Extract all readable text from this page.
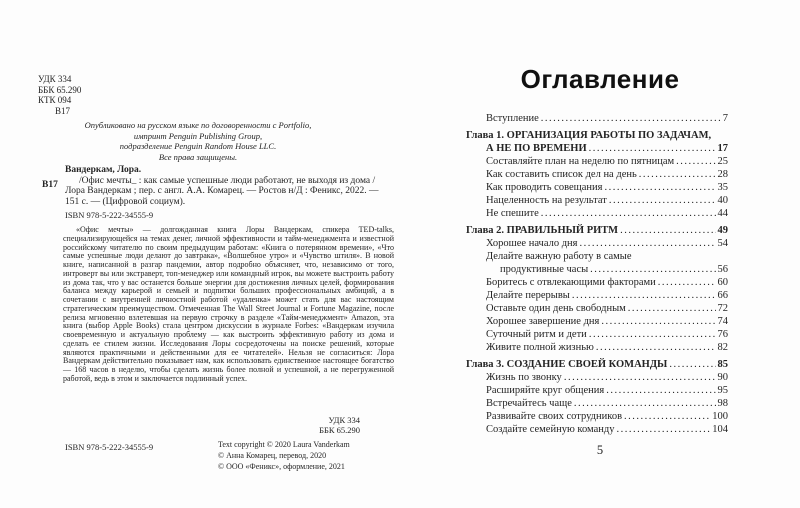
УДК 334
ББК 65.290
КТК 094
В17
Опубликовано на русском языке по договоренности с Portfolio,
импринт Penguin Publishing Group,
подразделение Penguin Random House LLC.
Все права защищены.
В17
Вандеркам, Лора.
/Офис мечты_ : как самые успешные люди работают, не выходя из дома / Лора Вандеркам ; пер. с англ. А.А. Комарец. — Ростов н/Д : Феникс, 2022. — 151 с. — (Цифровой социум).
ISBN 978-5-222-34555-9
«Офис мечты» — долгожданная книга Лоры Вандеркам, спикера TED-talks, специализирующейся на темах денег, личной эффективности и тайм-менеджмента и известной российскому читателю по своим предыдущим работам: «Книга о потерянном времени», «Что самые успешные люди делают до завтрака», «Волшебное утро» и «Чувство штиля». В новой книге, написанной в разгар пандемии, автор подробно объясняет, что, независимо от того, интроверт вы или экстраверт, топ-менеджер или командный игрок, вы можете выстроить работу из дома так, что у вас останется больше энергии для достижения личных целей, формирования баланса между карьерой и семьей и подпитки больших профессиональных амбиций, а в сочетании с внутренней личностной работой «удаленка» может стать для вас настоящим стратегическим преимуществом. Отмеченная The Wall Street Journal и Fortune Magazine, после релиза мгновенно взлетевшая на первую строчку в разделе «Тайм-менеджмент» Amazon, эта книга (выбор Apple Books) стала центром дискуссии в журнале Forbes: «Вандеркам изучила своевременную и актуальную проблему — как выстроить эффективную работу из дома и сделать ее стилем жизни. Исследования Лоры сосредоточены на поиске решений, которые являются практичными и действенными для ее читателей». Нельзя не согласиться: Лора Вандеркам действительно показывает нам, как использовать единственное настоящее богатство — 168 часов в неделю, чтобы сделать жизнь более полной и успешной, а не перегруженной работой, ведь в этом и заключается подлинный успех.
УДК 334
ББК 65.290
ISBN 978-5-222-34555-9	Text copyright © 2020 Laura Vanderkam
© Анна Комарец, перевод, 2020
© ООО «Феникс», оформление, 2021
Оглавление
Вступление .....	7
Глава 1. ОРГАНИЗАЦИЯ РАБОТЫ ПО ЗАДАЧАМ,
А НЕ ПО ВРЕМЕНИ .....	17
Составляйте план на неделю по пятницам .....	25
Как составить список дел на день .....	28
Как проводить совещания .....	35
Нацеленность на результат .....	40
Не спешите .....	44
Глава 2. ПРАВИЛЬНЫЙ РИТМ .....	49
Хорошее начало дня .....	54
Делайте важную работу в самые
продуктивные часы .....	56
Боритесь с отвлекающими факторами .....	60
Делайте перерывы .....	66
Оставьте один день свободным .....	72
Хорошее завершение дня .....	74
Суточный ритм и дети .....	76
Живите полной жизнью .....	82
Глава 3. СОЗДАНИЕ СВОЕЙ КОМАНДЫ .....	85
Жизнь по звонку .....	90
Расширяйте круг общения .....	95
Встречайтесь чаще .....	98
Развивайте своих сотрудников .....	100
Создайте семейную команду .....	104
5
